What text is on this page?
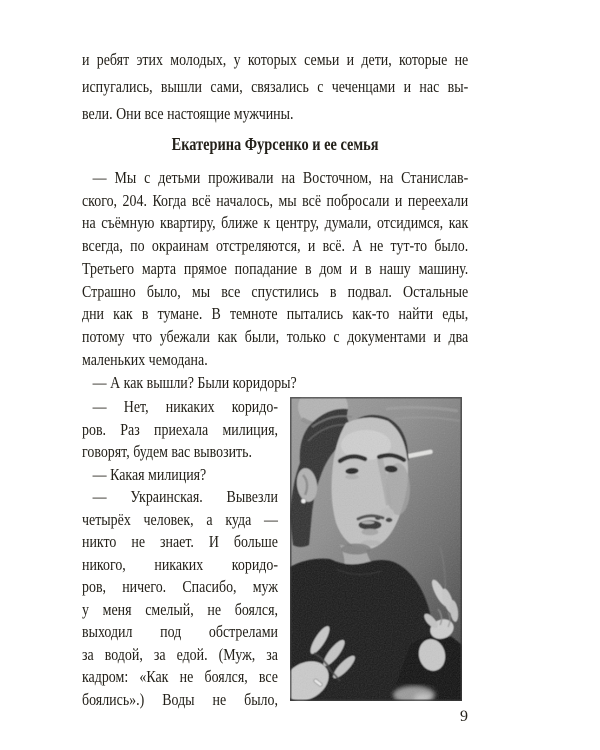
и ребят этих молодых, у которых семьи и дети, которые не
испугались, вышли сами, связались с чеченцами и нас вы-
вели. Они все настоящие мужчины.
Екатерина Фурсенко и ее семья
— Мы с детьми проживали на Восточном, на Станислав-
ского, 204. Когда всё началось, мы всё побросали и переехали
на съёмную квартиру, ближе к центру, думали, отсидимся, как
всегда, по окраинам отстреляются, и всё. А не тут-то было.
Третьего марта прямое попадание в дом и в нашу машину.
Страшно было, мы все спустились в подвал. Остальные
дни как в тумане. В темноте пытались как-то найти еды,
потому что убежали как были, только с документами и два
маленьких чемодана.
— А как вышли? Были коридоры?
— Нет, никаких коридо-
ров. Раз приехала милиция,
говорят, будем вас вывозить.
— Какая милиция?
— Украинская. Вывезли
четырёх человек, а куда —
никто не знает. И больше
никого, никаких коридо-
ров, ничего. Спасибо, муж
у меня смелый, не боялся,
выходил под обстрелами
за водой, за едой. (Муж, за
кадром: «Как не боялся, все
боялись».) Воды не было,
9
